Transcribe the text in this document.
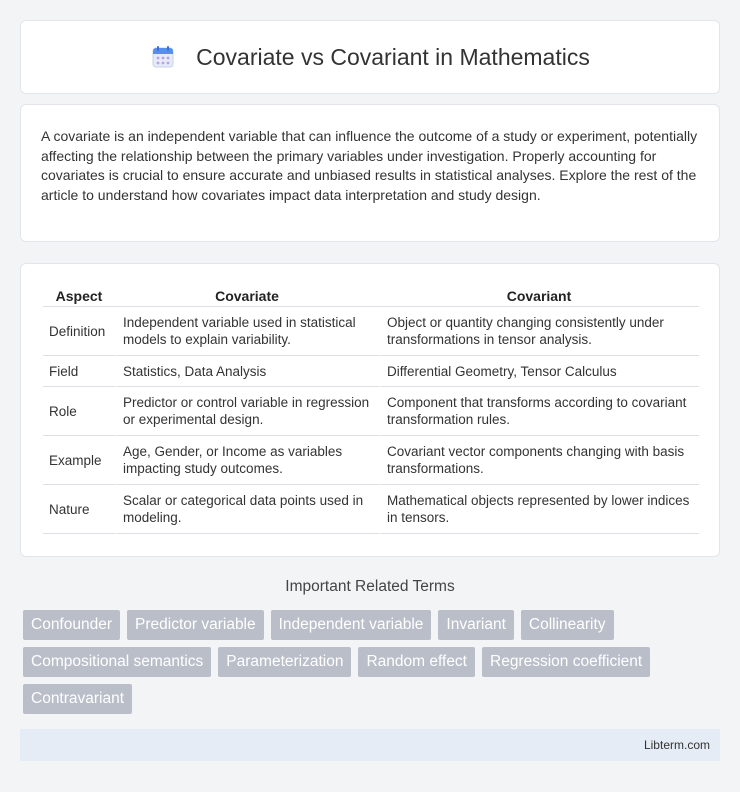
Covariate vs Covariant in Mathematics

A covariate is an independent variable that can influence the outcome of a study or experiment, potentially affecting the relationship between the primary variables under investigation. Properly accounting for covariates is crucial to ensure accurate and unbiased results in statistical analyses. Explore the rest of the article to understand how covariates impact data interpretation and study design.

Aspect	Covariate	Covariant
Definition	Independent variable used in statistical models to explain variability.	Object or quantity changing consistently under transformations in tensor analysis.
Field	Statistics, Data Analysis	Differential Geometry, Tensor Calculus
Role	Predictor or control variable in regression or experimental design.	Component that transforms according to covariant transformation rules.
Example	Age, Gender, or Income as variables impacting study outcomes.	Covariant vector components changing with basis transformations.
Nature	Scalar or categorical data points used in modeling.	Mathematical objects represented by lower indices in tensors.
Important Related Terms
Confounder	Predictor variable	Independent variable	Invariant	Collinearity
Compositional semantics	Parameterization	Random effect	Regression coefficient
Contravariant
Libterm.com
